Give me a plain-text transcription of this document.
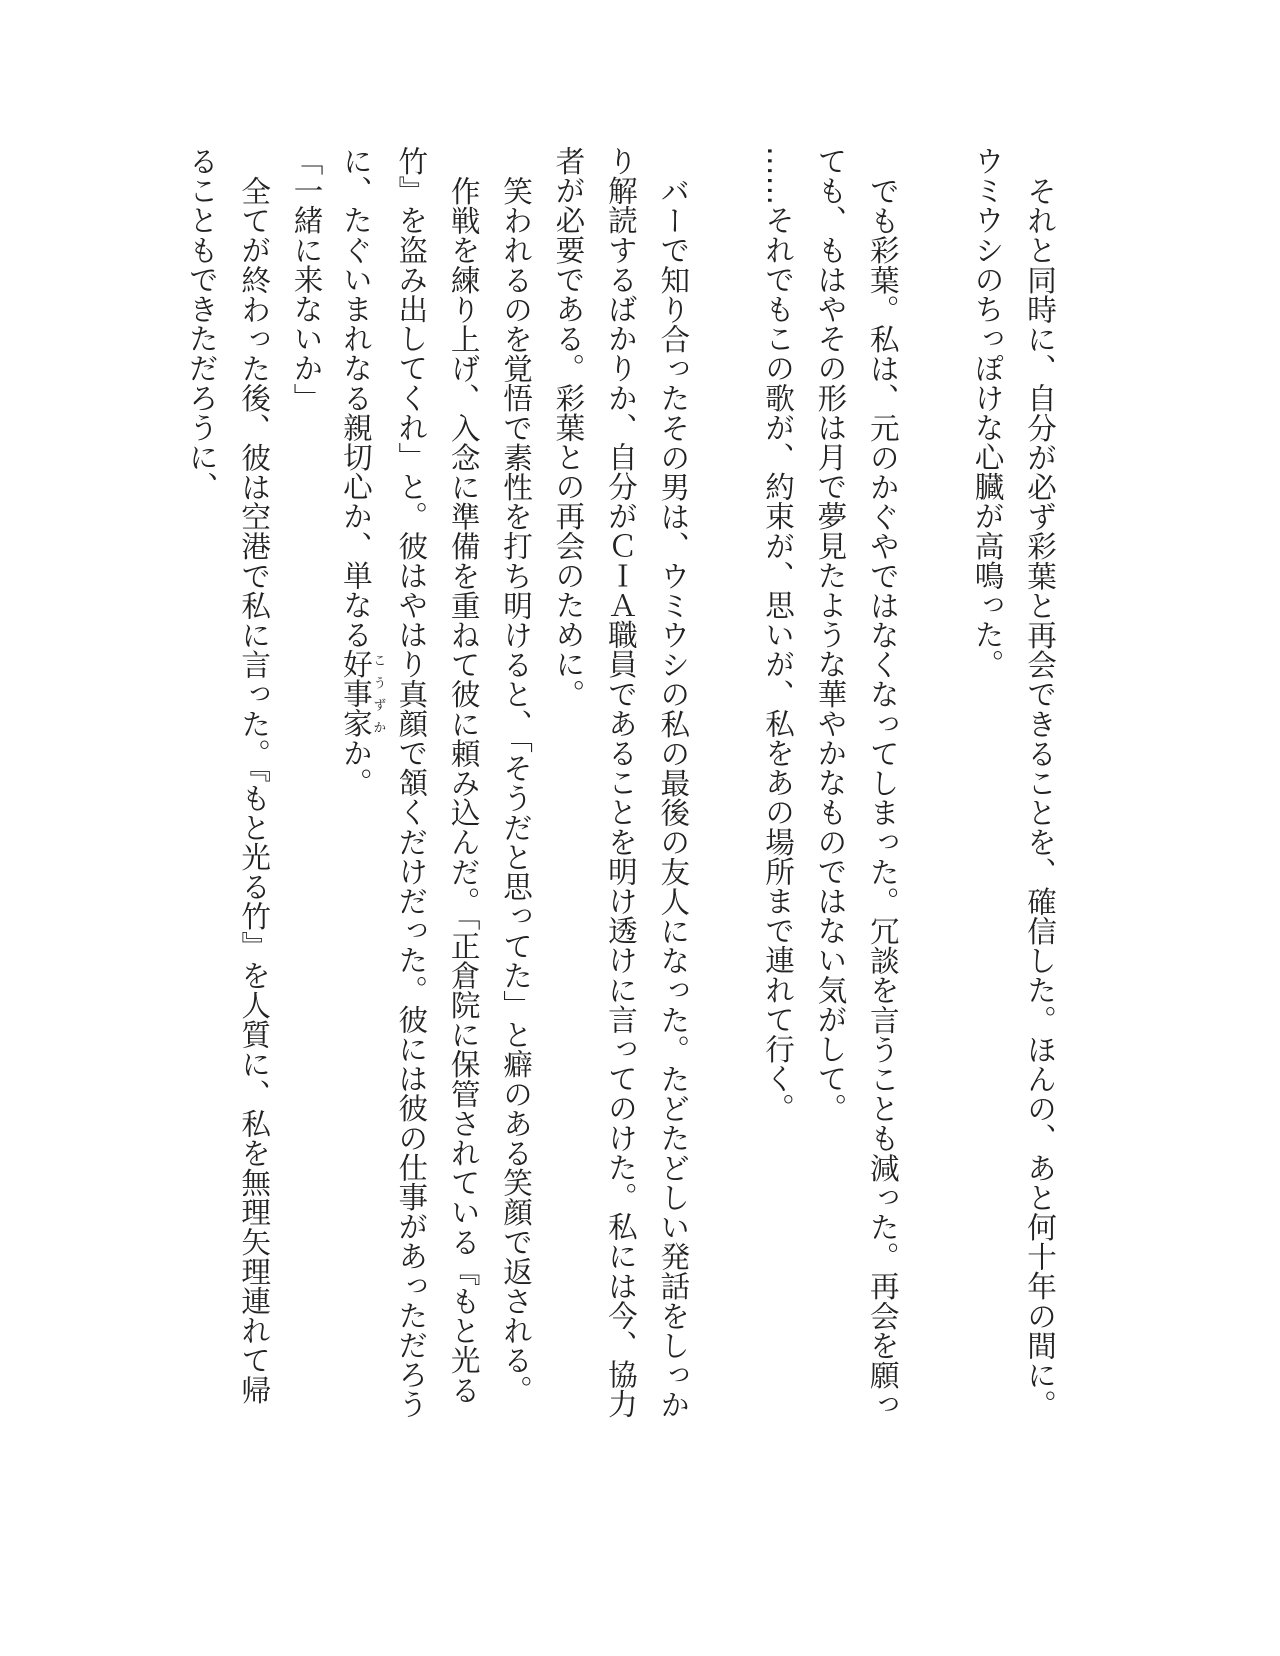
それと同時に、自分が必ず彩葉と再会できることを、確信した。ほんの、あと何十年の間に。
ウミウシのちっぽけな心臓が高鳴った。
でも彩葉。私は、元のかぐやではなくなってしまった。冗談を言うことも減った。再会を願っ
ても、もはやその形は月で夢見たような華やかなものではない気がして。
……それでもこの歌が、約束が、思いが、私をあの場所まで連れて行く。
バーで知り合ったその男は、ウミウシの私の最後の友人になった。たどたどしい発話をしっか
り解読するばかりか、自分がＣＩＡ職員であることを明け透けに言ってのけた。私には今、協力
者が必要である。彩葉との再会のために。
笑われるのを覚悟で素性を打ち明けると、「そうだと思ってた」と癖のある笑顔で返される。
作戦を練り上げ、入念に準備を重ねて彼に頼み込んだ。「正倉院に保管されている『もと光る
竹』を盗み出してくれ」と。彼はやはり真顔で頷くだけだった。彼には彼の仕事があっただろう
に、たぐいまれなる親切心か、単なる好事家こうずかか。
「一緒に来ないか」
全てが終わった後、彼は空港で私に言った。『もと光る竹』を人質に、私を無理矢理連れて帰
ることもできただろうに、
